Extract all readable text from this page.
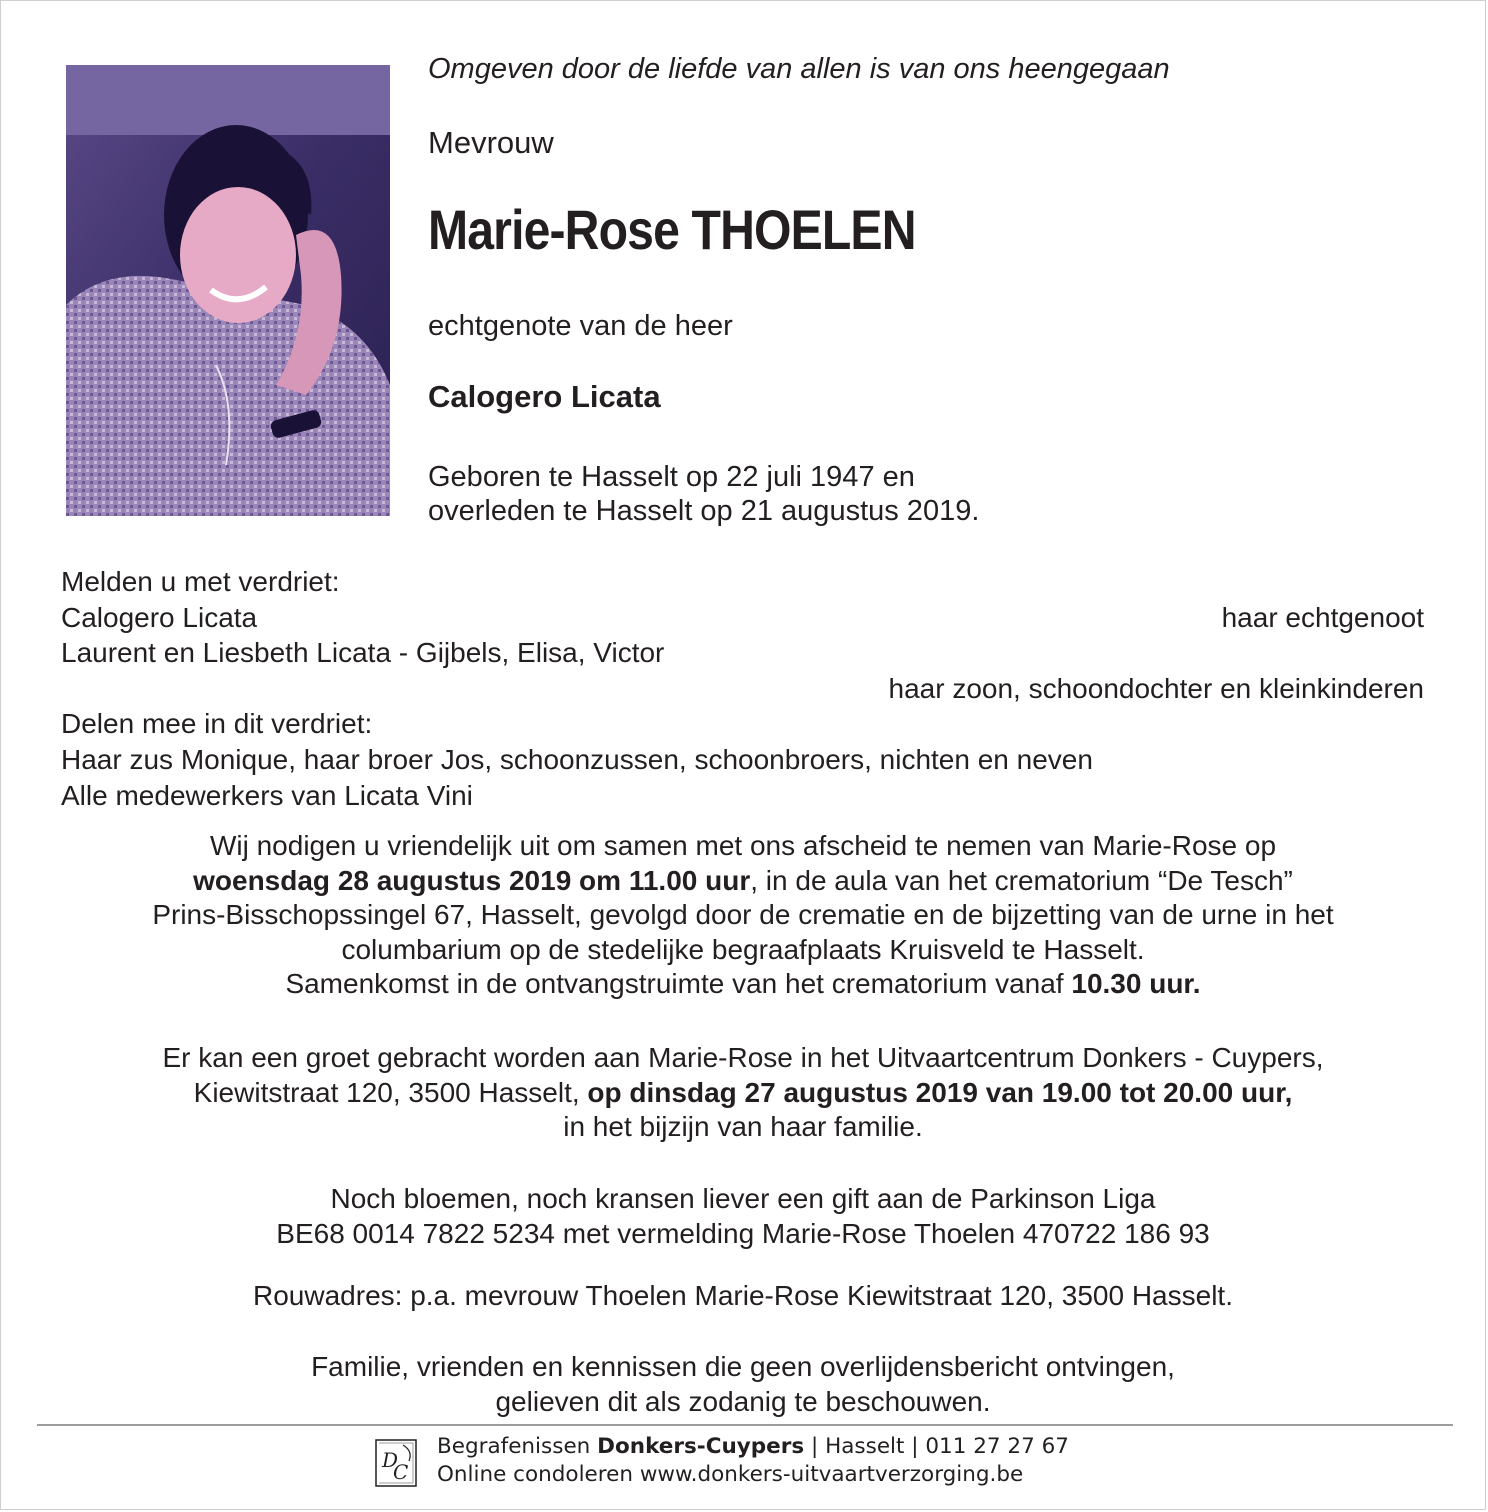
Omgeven door de liefde van allen is van ons heengegaan
Mevrouw
Marie-Rose THOELEN
echtgenote van de heer
Calogero Licata
Geboren te Hasselt op 22 juli 1947 en
overleden te Hasselt op 21 augustus 2019.
Melden u met verdriet:
Calogero Licata	haar echtgenoot
Laurent en Liesbeth Licata - Gijbels, Elisa, Victor
haar zoon, schoondochter en kleinkinderen
Delen mee in dit verdriet:
Haar zus Monique, haar broer Jos, schoonzussen, schoonbroers, nichten en neven
Alle medewerkers van Licata Vini
Wij nodigen u vriendelijk uit om samen met ons afscheid te nemen van Marie-Rose op
woensdag 28 augustus 2019 om 11.00 uur, in de aula van het crematorium “De Tesch”
Prins-Bisschopssingel 67, Hasselt, gevolgd door de crematie en de bijzetting van de urne in het
columbarium op de stedelijke begraafplaats Kruisveld te Hasselt.
Samenkomst in de ontvangstruimte van het crematorium vanaf 10.30 uur.
Er kan een groet gebracht worden aan Marie-Rose in het Uitvaartcentrum Donkers - Cuypers,
Kiewitstraat 120, 3500 Hasselt, op dinsdag 27 augustus 2019 van 19.00 tot 20.00 uur,
in het bijzijn van haar familie.
Noch bloemen, noch kransen liever een gift aan de Parkinson Liga
BE68 0014 7822 5234 met vermelding Marie-Rose Thoelen 470722 186 93
Rouwadres: p.a. mevrouw Thoelen Marie-Rose Kiewitstraat 120, 3500 Hasselt.
Familie, vrienden en kennissen die geen overlijdensbericht ontvingen,
gelieven dit als zodanig te beschouwen.
D
C
Begrafenissen Donkers-Cuypers | Hasselt | 011 27 27 67
Online condoleren www.donkers-uitvaartverzorging.be
